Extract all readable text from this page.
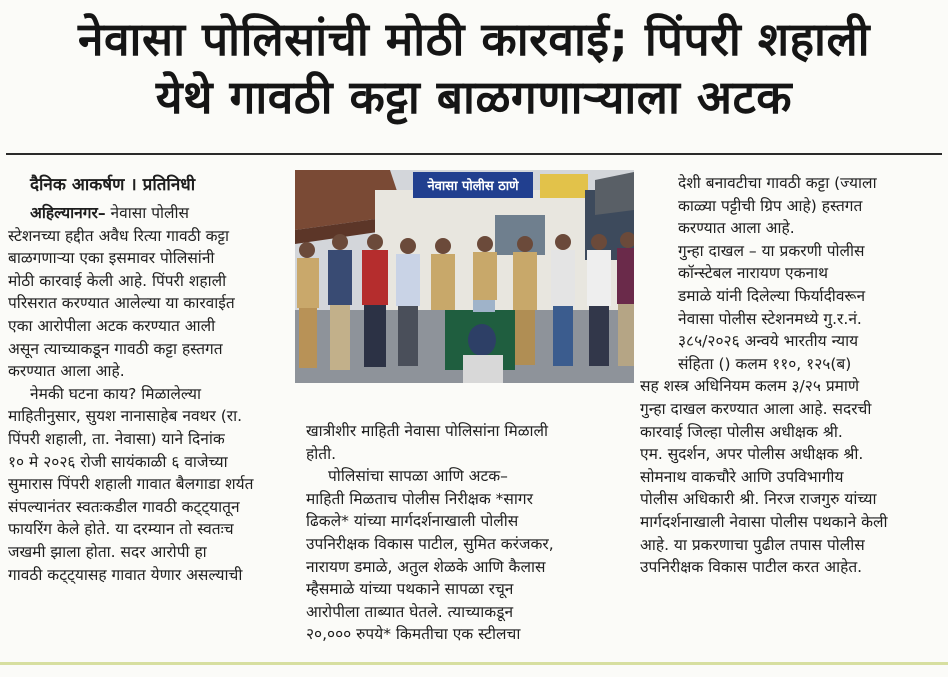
नेवासा पोलिसांची मोठी कारवाई; पिंपरी शहाली
येथे गावठी कट्टा बाळगणाऱ्याला अटक
दैनिक आकर्षण । प्रतिनिधी

अहिल्यानगर– नेवासा पोलीस

स्टेशनच्या हद्दीत अवैध रित्या गावठी कट्टा

बाळगणाऱ्या एका इसमावर पोलिसांनी

मोठी कारवाई केली आहे. पिंपरी शहाली

परिसरात करण्यात आलेल्या या कारवाईत

एका आरोपीला अटक करण्यात आली

असून त्याच्याकडून गावठी कट्टा हस्तगत

करण्यात आला आहे.

नेमकी घटना काय? मिळालेल्या

माहितीनुसार, सुयश नानासाहेब नवथर (रा.

पिंपरी शहाली, ता. नेवासा) याने दिनांक

१० मे २०२६ रोजी सायंकाळी ६ वाजेच्या

सुमारास पिंपरी शहाली गावात बैलगाडा शर्यत

संपल्यानंतर स्वतःकडील गावठी कट्ट्यातून

फायरिंग केले होते. या दरम्यान तो स्वतःच

जखमी झाला होता. सदर आरोपी हा

गावठी कट्ट्यासह गावात येणार असल्याची

नेवासा पोलीस ठाणे

खात्रीशीर माहिती नेवासा पोलिसांना मिळाली

होती.

पोलिसांचा सापळा आणि अटक–

माहिती मिळताच पोलीस निरीक्षक *सागर

ढिकले* यांच्या मार्गदर्शनाखाली पोलीस

उपनिरीक्षक विकास पाटील, सुमित करंजकर,

नारायण डमाळे, अतुल शेळके आणि कैलास

म्हैसमाळे यांच्या पथकाने सापळा रचून

आरोपीला ताब्यात घेतले. त्याच्याकडून

२०,००० रुपये* किमतीचा एक स्टीलचा

देशी बनावटीचा गावठी कट्टा (ज्याला

काळ्या पट्टीची ग्रिप आहे) हस्तगत

करण्यात आला आहे.

गुन्हा दाखल – या प्रकरणी पोलीस

कॉन्स्टेबल नारायण एकनाथ

डमाळे यांनी दिलेल्या फिर्यादीवरून

नेवासा पोलीस स्टेशनमध्ये गु.र.नं.

३८५/२०२६ अन्वये भारतीय न्याय

संहिता () कलम ११०, १२५(ब)

सह शस्त्र अधिनियम कलम ३/२५ प्रमाणे

गुन्हा दाखल करण्यात आला आहे. सदरची

कारवाई जिल्हा पोलीस अधीक्षक श्री.

एम. सुदर्शन, अपर पोलीस अधीक्षक श्री.

सोमनाथ वाकचौरे आणि उपविभागीय

पोलीस अधिकारी श्री. निरज राजगुरु यांच्या

मार्गदर्शनाखाली नेवासा पोलीस पथकाने केली

आहे. या प्रकरणाचा पुढील तपास पोलीस

उपनिरीक्षक विकास पाटील करत आहेत.
